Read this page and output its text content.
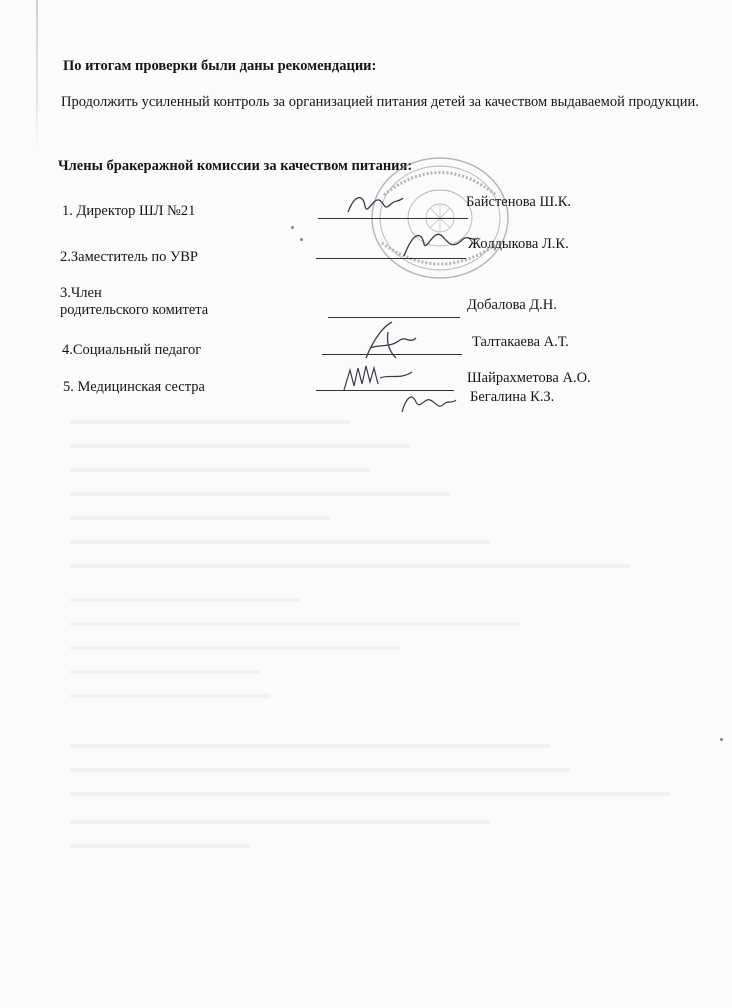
По итогам проверки были даны рекомендации:
Продолжить усиленный контроль за организацией питания детей за качеством выдаваемой продукции.
Члены бракеражной комиссии за качеством питания:
1. Директор ШЛ №21
Байстенова Ш.К.
2.Заместитель по УВР
Жолдыкова Л.К.
3.Член
родительского комитета	Добалова Д.Н.
4.Социальный педагог	Талтакаева А.Т.
5. Медицинская сестра
Шайрахметова А.О.
Бегалина К.З.
